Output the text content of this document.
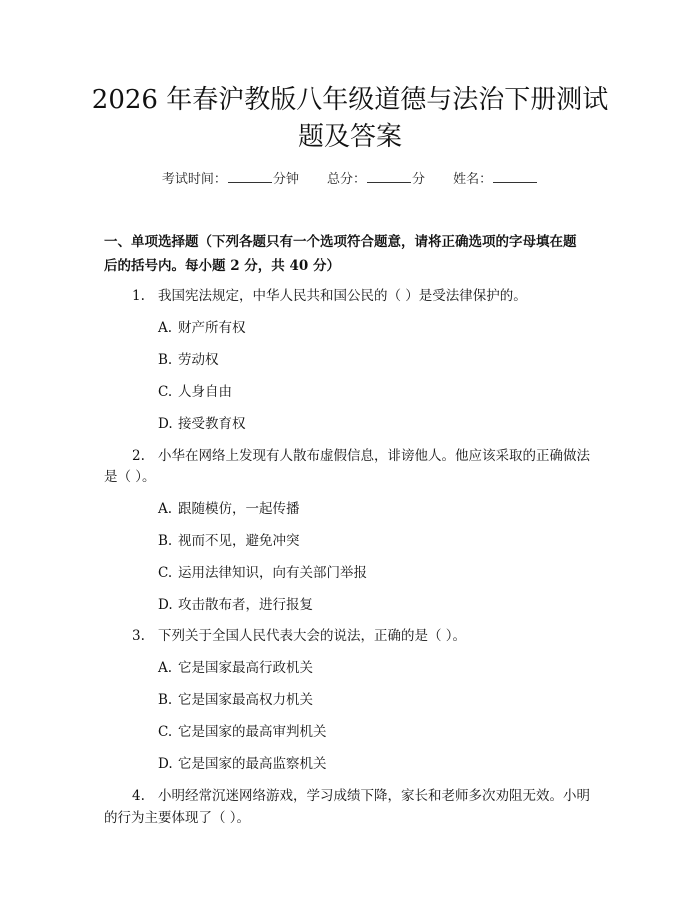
2026 年春沪教版八年级道德与法治下册测试
题及答案
考试时间：	分钟 总分：	分 姓名：
一、单项选择题（下列各题只有一个选项符合题意，请将正确选项的字母填在题
后的括号内。每小题 2 分，共 40 分）
1. 我国宪法规定，中华人民共和国公民的（ ）是受法律保护的。
A. 财产所有权
B. 劳动权
C. 人身自由
D. 接受教育权
2. 小华在网络上发现有人散布虚假信息，诽谤他人。他应该采取的正确做法
是（ ）。
A. 跟随模仿，一起传播
B. 视而不见，避免冲突
C. 运用法律知识，向有关部门举报
D. 攻击散布者，进行报复
3. 下列关于全国人民代表大会的说法，正确的是（ ）。
A. 它是国家最高行政机关
B. 它是国家最高权力机关
C. 它是国家的最高审判机关
D. 它是国家的最高监察机关
4. 小明经常沉迷网络游戏，学习成绩下降，家长和老师多次劝阻无效。小明
的行为主要体现了（ ）。
